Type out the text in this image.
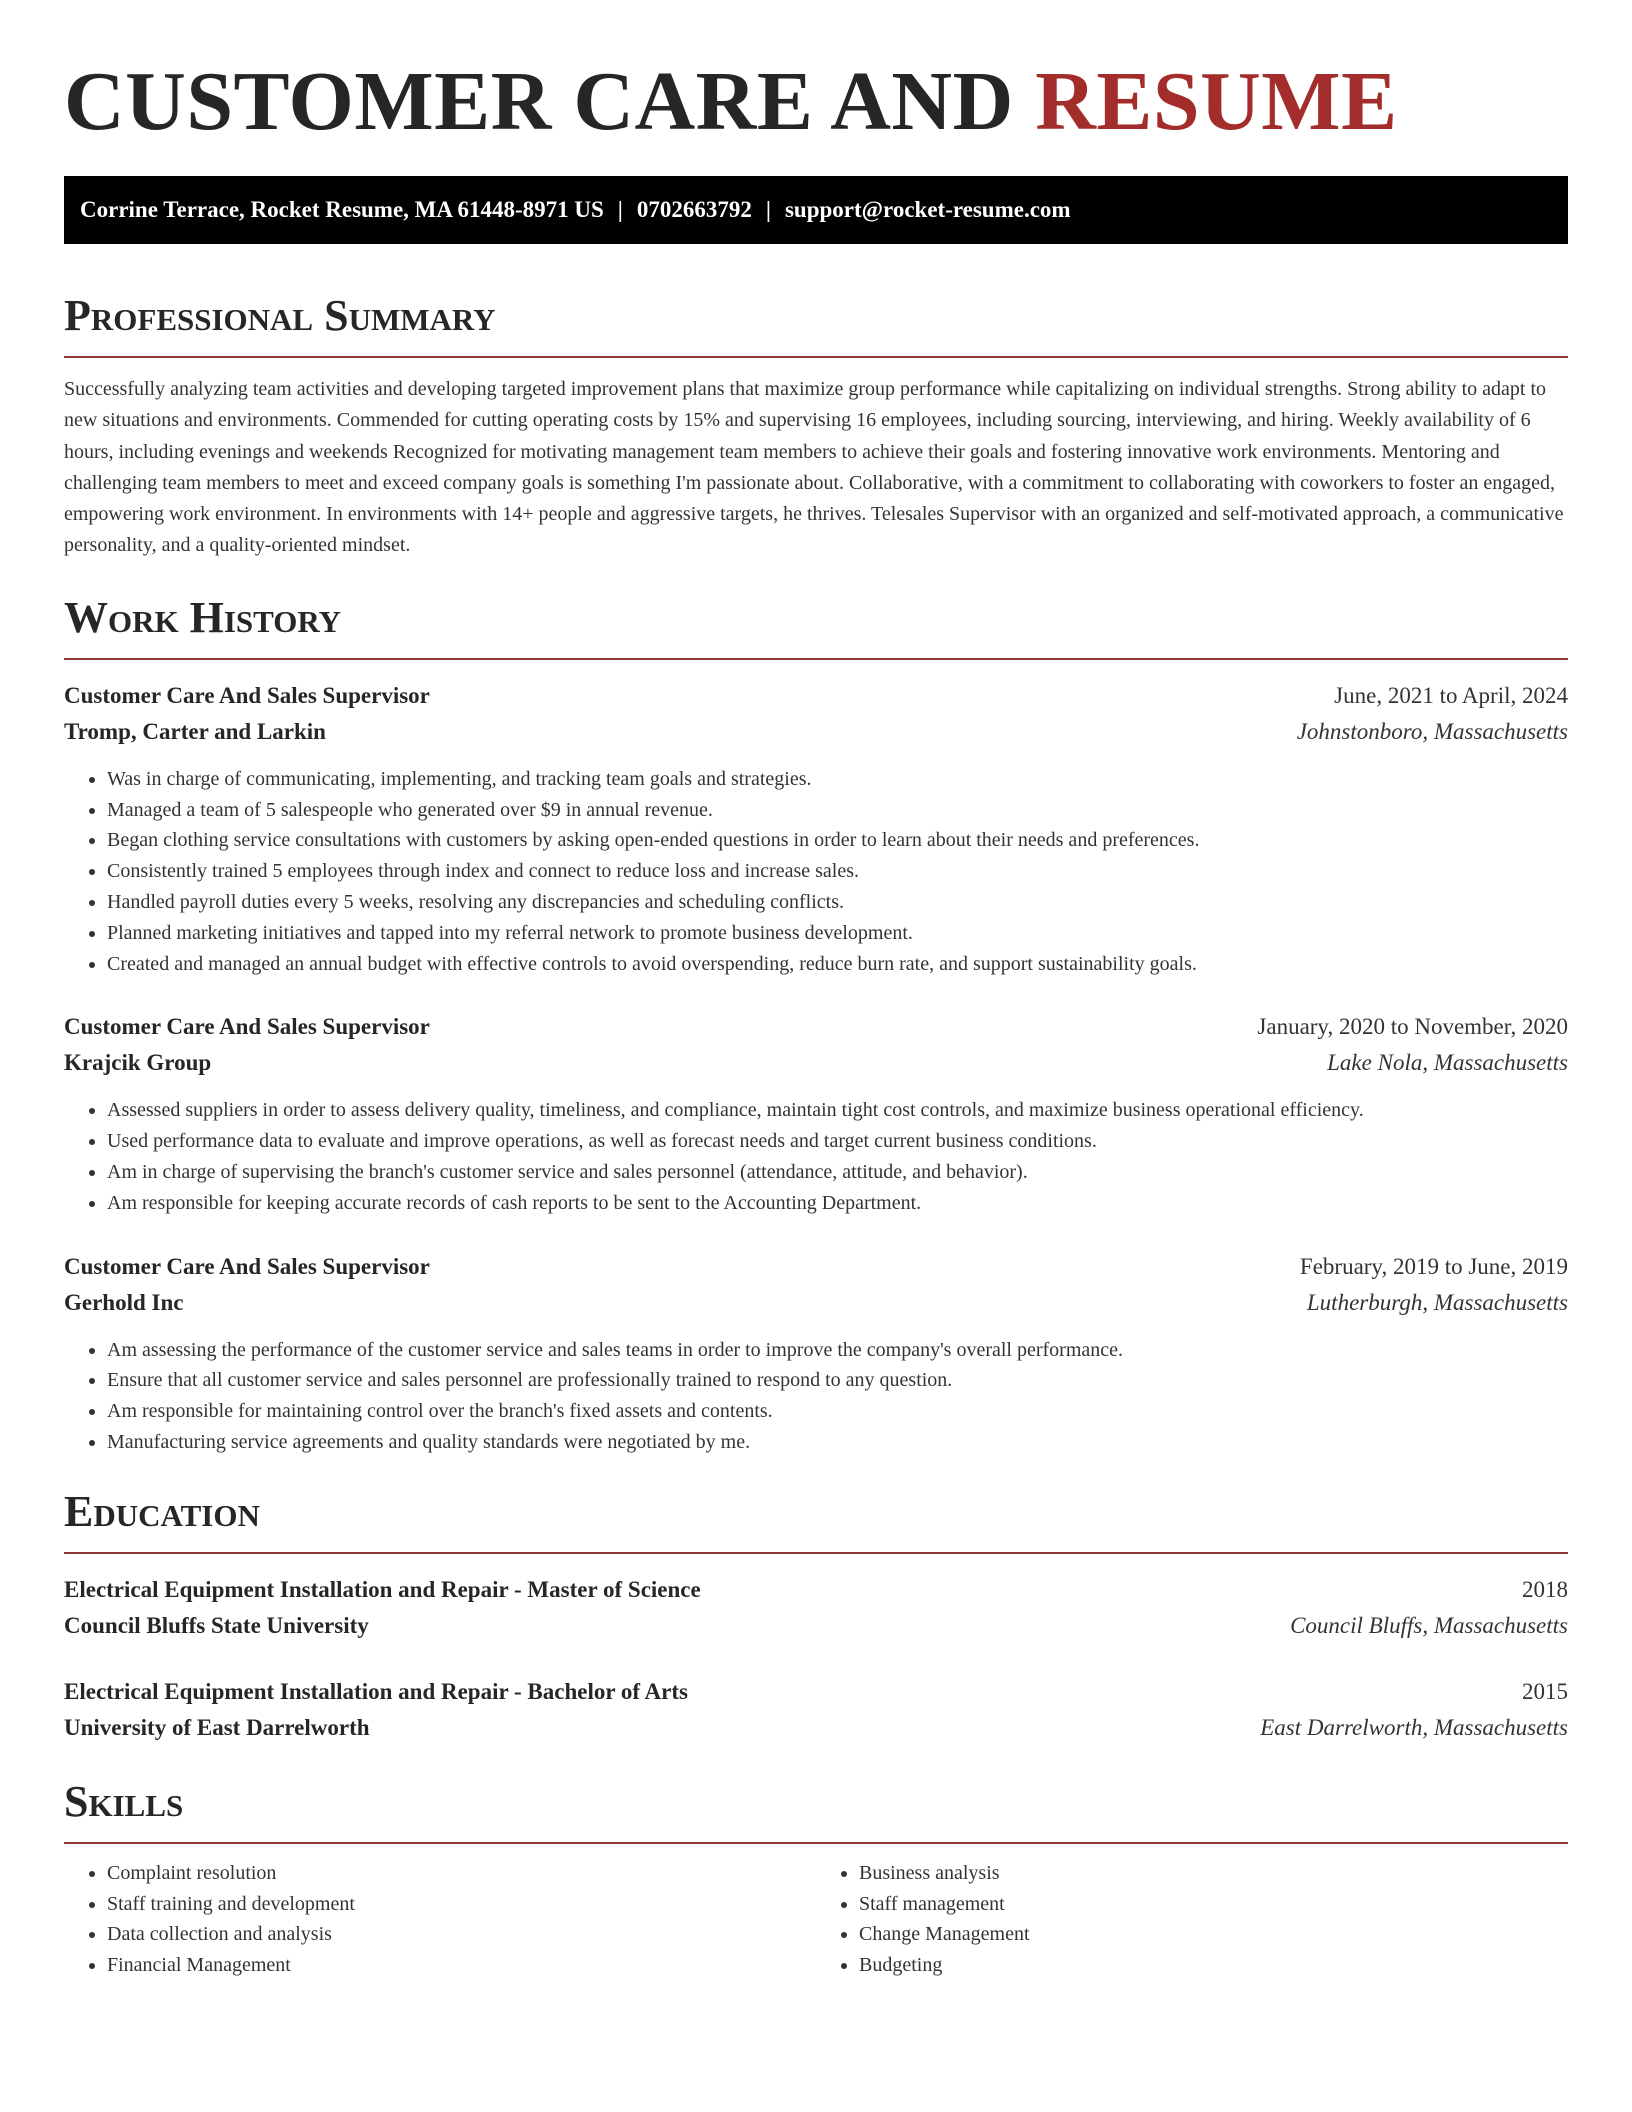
CUSTOMER CARE AND RESUME
Corrine Terrace, Rocket Resume, MA 61448-8971 US | 0702663792 | support@rocket-resume.com
Professional Summary

Successfully analyzing team activities and developing targeted improvement plans that maximize group performance while capitalizing on individual strengths. Strong ability to adapt to new situations and environments. Commended for cutting operating costs by 15% and supervising 16 employees, including sourcing, interviewing, and hiring. Weekly availability of 6 hours, including evenings and weekends Recognized for motivating management team members to achieve their goals and fostering innovative work environments. Mentoring and challenging team members to meet and exceed company goals is something I'm passionate about. Collaborative, with a commitment to collaborating with coworkers to foster an engaged, empowering work environment. In environments with 14+ people and aggressive targets, he thrives. Telesales Supervisor with an organized and self-motivated approach, a communicative personality, and a quality-oriented mindset.

Work History
Customer Care And Sales Supervisor	June, 2021 to April, 2024
Tromp, Carter and Larkin	Johnstonboro, Massachusetts
• Was in charge of communicating, implementing, and tracking team goals and strategies.
• Managed a team of 5 salespeople who generated over $9 in annual revenue.
• Began clothing service consultations with customers by asking open-ended questions in order to learn about their needs and preferences.
• Consistently trained 5 employees through index and connect to reduce loss and increase sales.
• Handled payroll duties every 5 weeks, resolving any discrepancies and scheduling conflicts.
• Planned marketing initiatives and tapped into my referral network to promote business development.
• Created and managed an annual budget with effective controls to avoid overspending, reduce burn rate, and support sustainability goals.
Customer Care And Sales Supervisor	January, 2020 to November, 2020
Krajcik Group	Lake Nola, Massachusetts
• Assessed suppliers in order to assess delivery quality, timeliness, and compliance, maintain tight cost controls, and maximize business operational efficiency.
• Used performance data to evaluate and improve operations, as well as forecast needs and target current business conditions.
• Am in charge of supervising the branch's customer service and sales personnel (attendance, attitude, and behavior).
• Am responsible for keeping accurate records of cash reports to be sent to the Accounting Department.
Customer Care And Sales Supervisor	February, 2019 to June, 2019
Gerhold Inc	Lutherburgh, Massachusetts
• Am assessing the performance of the customer service and sales teams in order to improve the company's overall performance.
• Ensure that all customer service and sales personnel are professionally trained to respond to any question.
• Am responsible for maintaining control over the branch's fixed assets and contents.
• Manufacturing service agreements and quality standards were negotiated by me.
Education
Electrical Equipment Installation and Repair - Master of Science	2018
Council Bluffs State University	Council Bluffs, Massachusetts
Electrical Equipment Installation and Repair - Bachelor of Arts	2015
University of East Darrelworth	East Darrelworth, Massachusetts
Skills
• Complaint resolution
• Staff training and development
• Data collection and analysis
• Financial Management
• Business analysis
• Staff management
• Change Management
• Budgeting
